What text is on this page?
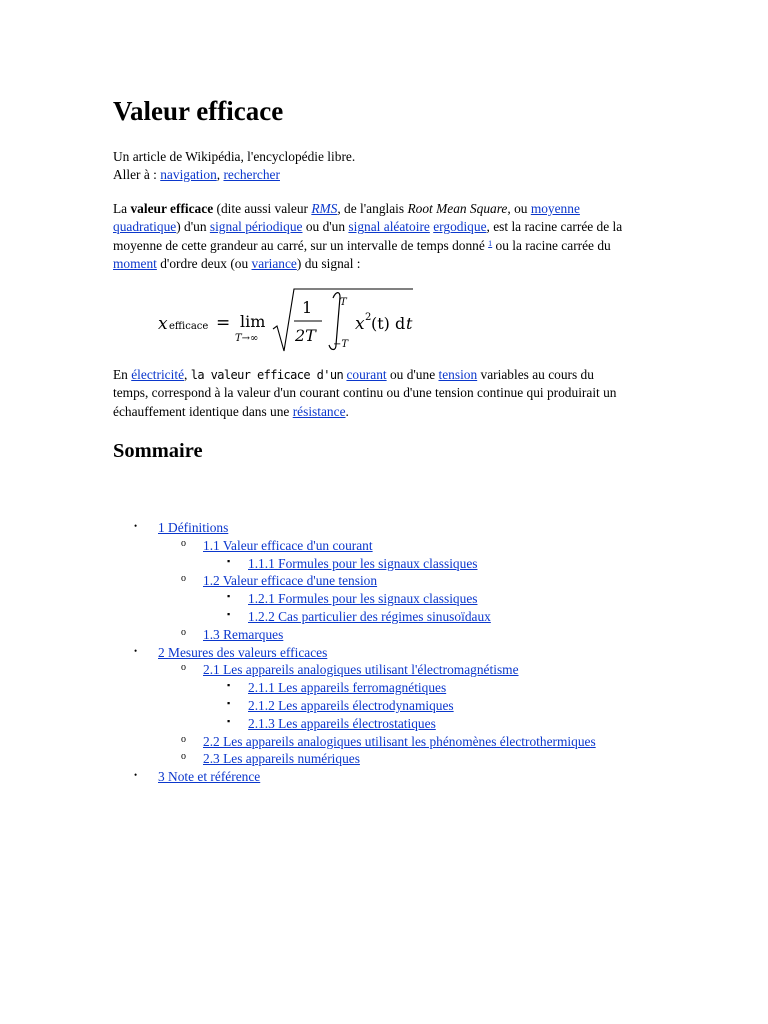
Valeur efficace
Un article de Wikipédia, l'encyclopédie libre.
Aller à : navigation, rechercher

La valeur efficace (dite aussi valeur RMS, de l'anglais Root Mean Square, ou moyenne quadratique) d'un signal périodique ou d'un signal aléatoire ergodique, est la racine carrée de la moyenne de cette grandeur au carré, sur un intervalle de temps donné $^1$ ou la racine carrée du moment d'ordre deux (ou variance) du signal :

x efficace = lim
T→∞
1
2T
T
−T
x 2 (t) d t

En électricité, la valeur efficace d'un courant ou d'une tension variables au cours du temps, correspond à la valeur d'un courant continu ou d'une tension continue qui produirait un échauffement identique dans une résistance.

Sommaire
• 1 Définitions
o 1.1 Valeur efficace d'un courant
▪ 1.1.1 Formules pour les signaux classiques
o 1.2 Valeur efficace d'une tension
▪ 1.2.1 Formules pour les signaux classiques
▪ 1.2.2 Cas particulier des régimes sinusoïdaux
o 1.3 Remarques
• 2 Mesures des valeurs efficaces
o 2.1 Les appareils analogiques utilisant l'électromagnétisme
▪ 2.1.1 Les appareils ferromagnétiques
▪ 2.1.2 Les appareils électrodynamiques
▪ 2.1.3 Les appareils électrostatiques
o 2.2 Les appareils analogiques utilisant les phénomènes électrothermiques
o 2.3 Les appareils numériques
• 3 Note et référence
